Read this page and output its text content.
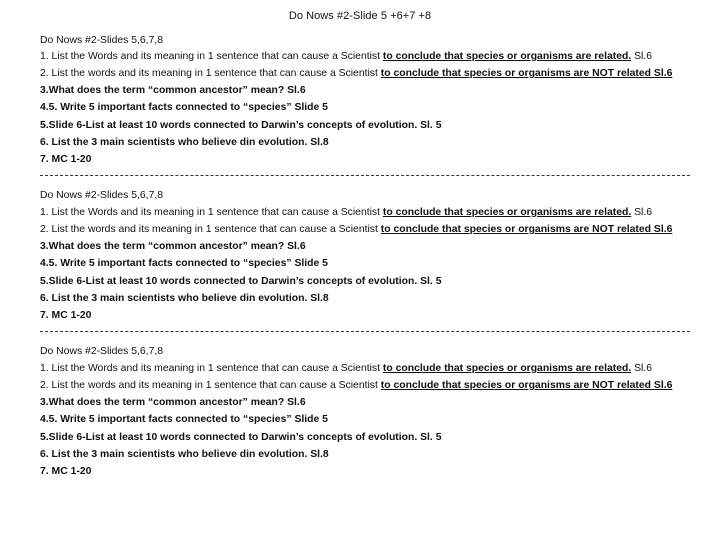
Do Nows #2-Slide 5 +6+7 +8
Do Nows #2-Slides 5,6,7,8
1. List the Words and its meaning in 1 sentence that can cause a Scientist to conclude that species or organisms are related. Sl.6
2. List the words and its meaning in 1 sentence that can cause a Scientist to conclude that species or organisms are NOT related Sl.6
3.What does the term “common ancestor” mean? Sl.6
4.5. Write 5 important facts connected to “species” Slide 5
5.Slide 6-List at least 10 words connected to Darwin’s concepts of evolution. Sl. 5
6. List the 3 main scientists who believe din evolution. Sl.8
7. MC 1-20
Do Nows #2-Slides 5,6,7,8
1. List the Words and its meaning in 1 sentence that can cause a Scientist to conclude that species or organisms are related. Sl.6
2. List the words and its meaning in 1 sentence that can cause a Scientist to conclude that species or organisms are NOT related Sl.6
3.What does the term “common ancestor” mean? Sl.6
4.5. Write 5 important facts connected to “species” Slide 5
5.Slide 6-List at least 10 words connected to Darwin’s concepts of evolution. Sl. 5
6. List the 3 main scientists who believe din evolution. Sl.8
7. MC 1-20
Do Nows #2-Slides 5,6,7,8
1. List the Words and its meaning in 1 sentence that can cause a Scientist to conclude that species or organisms are related. Sl.6
2. List the words and its meaning in 1 sentence that can cause a Scientist to conclude that species or organisms are NOT related Sl.6
3.What does the term “common ancestor” mean? Sl.6
4.5. Write 5 important facts connected to “species” Slide 5
5.Slide 6-List at least 10 words connected to Darwin’s concepts of evolution. Sl. 5
6. List the 3 main scientists who believe din evolution. Sl.8
7. MC 1-20
